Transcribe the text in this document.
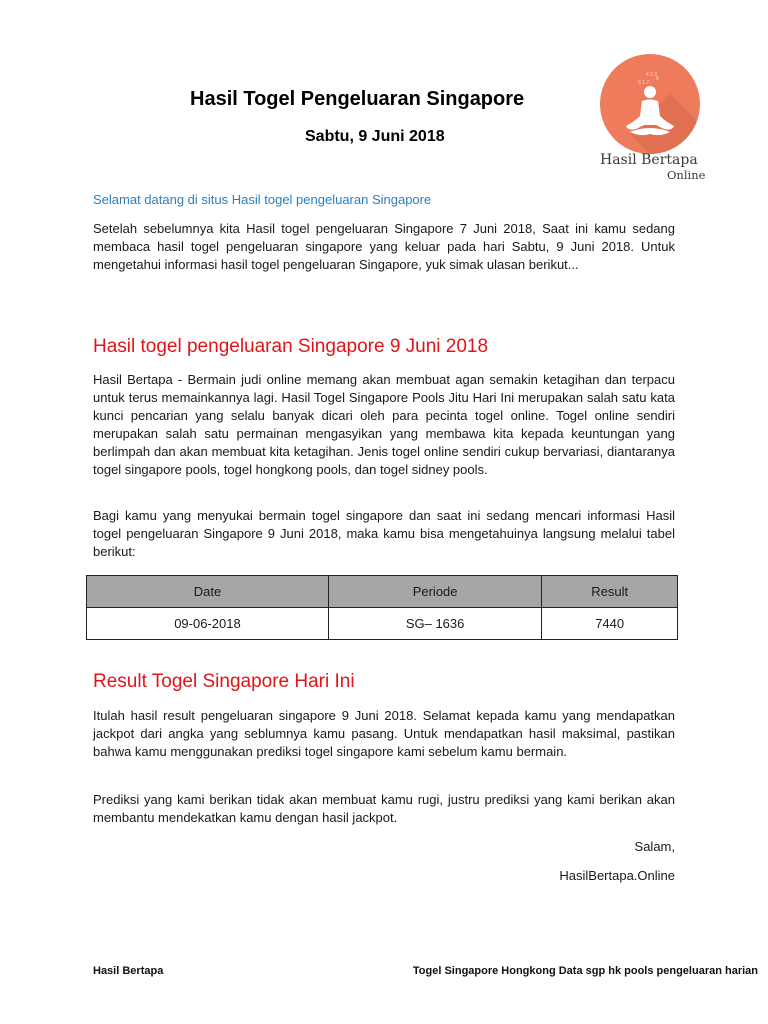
Hasil Togel Pengeluaran Singapore
Sabtu, 9 Juni 2018
4 3 2
5 1 7
9
Hasil Bertapa
Online
Selamat datang di situs Hasil togel pengeluaran Singapore

Setelah sebelumnya kita Hasil togel pengeluaran Singapore 7 Juni 2018, Saat ini kamu sedang membaca hasil togel pengeluaran singapore yang keluar pada hari Sabtu, 9 Juni 2018. Untuk mengetahui informasi hasil togel pengeluaran Singapore, yuk simak ulasan berikut...

Hasil togel pengeluaran Singapore 9 Juni 2018

Hasil Bertapa - Bermain judi online memang akan membuat agan semakin ketagihan dan terpacu untuk terus memainkannya lagi. Hasil Togel Singapore Pools Jitu Hari Ini merupakan salah satu kata kunci pencarian yang selalu banyak dicari oleh para pecinta togel online. Togel online sendiri merupakan salah satu permainan mengasyikan yang membawa kita kepada keuntungan yang berlimpah dan akan membuat kita ketagihan. Jenis togel online sendiri cukup bervariasi, diantaranya togel singapore pools, togel hongkong pools, dan togel sidney pools.

Bagi kamu yang menyukai bermain togel singapore dan saat ini sedang mencari informasi Hasil togel pengeluaran Singapore 9 Juni 2018, maka kamu bisa mengetahuinya langsung melalui tabel berikut:

Date	Periode	Result
09-06-2018	SG– 1636	7440
Result Togel Singapore Hari Ini

Itulah hasil result pengeluaran singapore 9 Juni 2018. Selamat kepada kamu yang mendapatkan jackpot dari angka yang seblumnya kamu pasang. Untuk mendapatkan hasil maksimal, pastikan bahwa kamu menggunakan prediksi togel singapore kami sebelum kamu bermain.

Prediksi yang kami berikan tidak akan membuat kamu rugi, justru prediksi yang kami berikan akan membantu mendekatkan kamu dengan hasil jackpot.

Salam,
HasilBertapa.Online
Hasil Bertapa	Togel Singapore Hongkong Data sgp hk pools pengeluaran harian
